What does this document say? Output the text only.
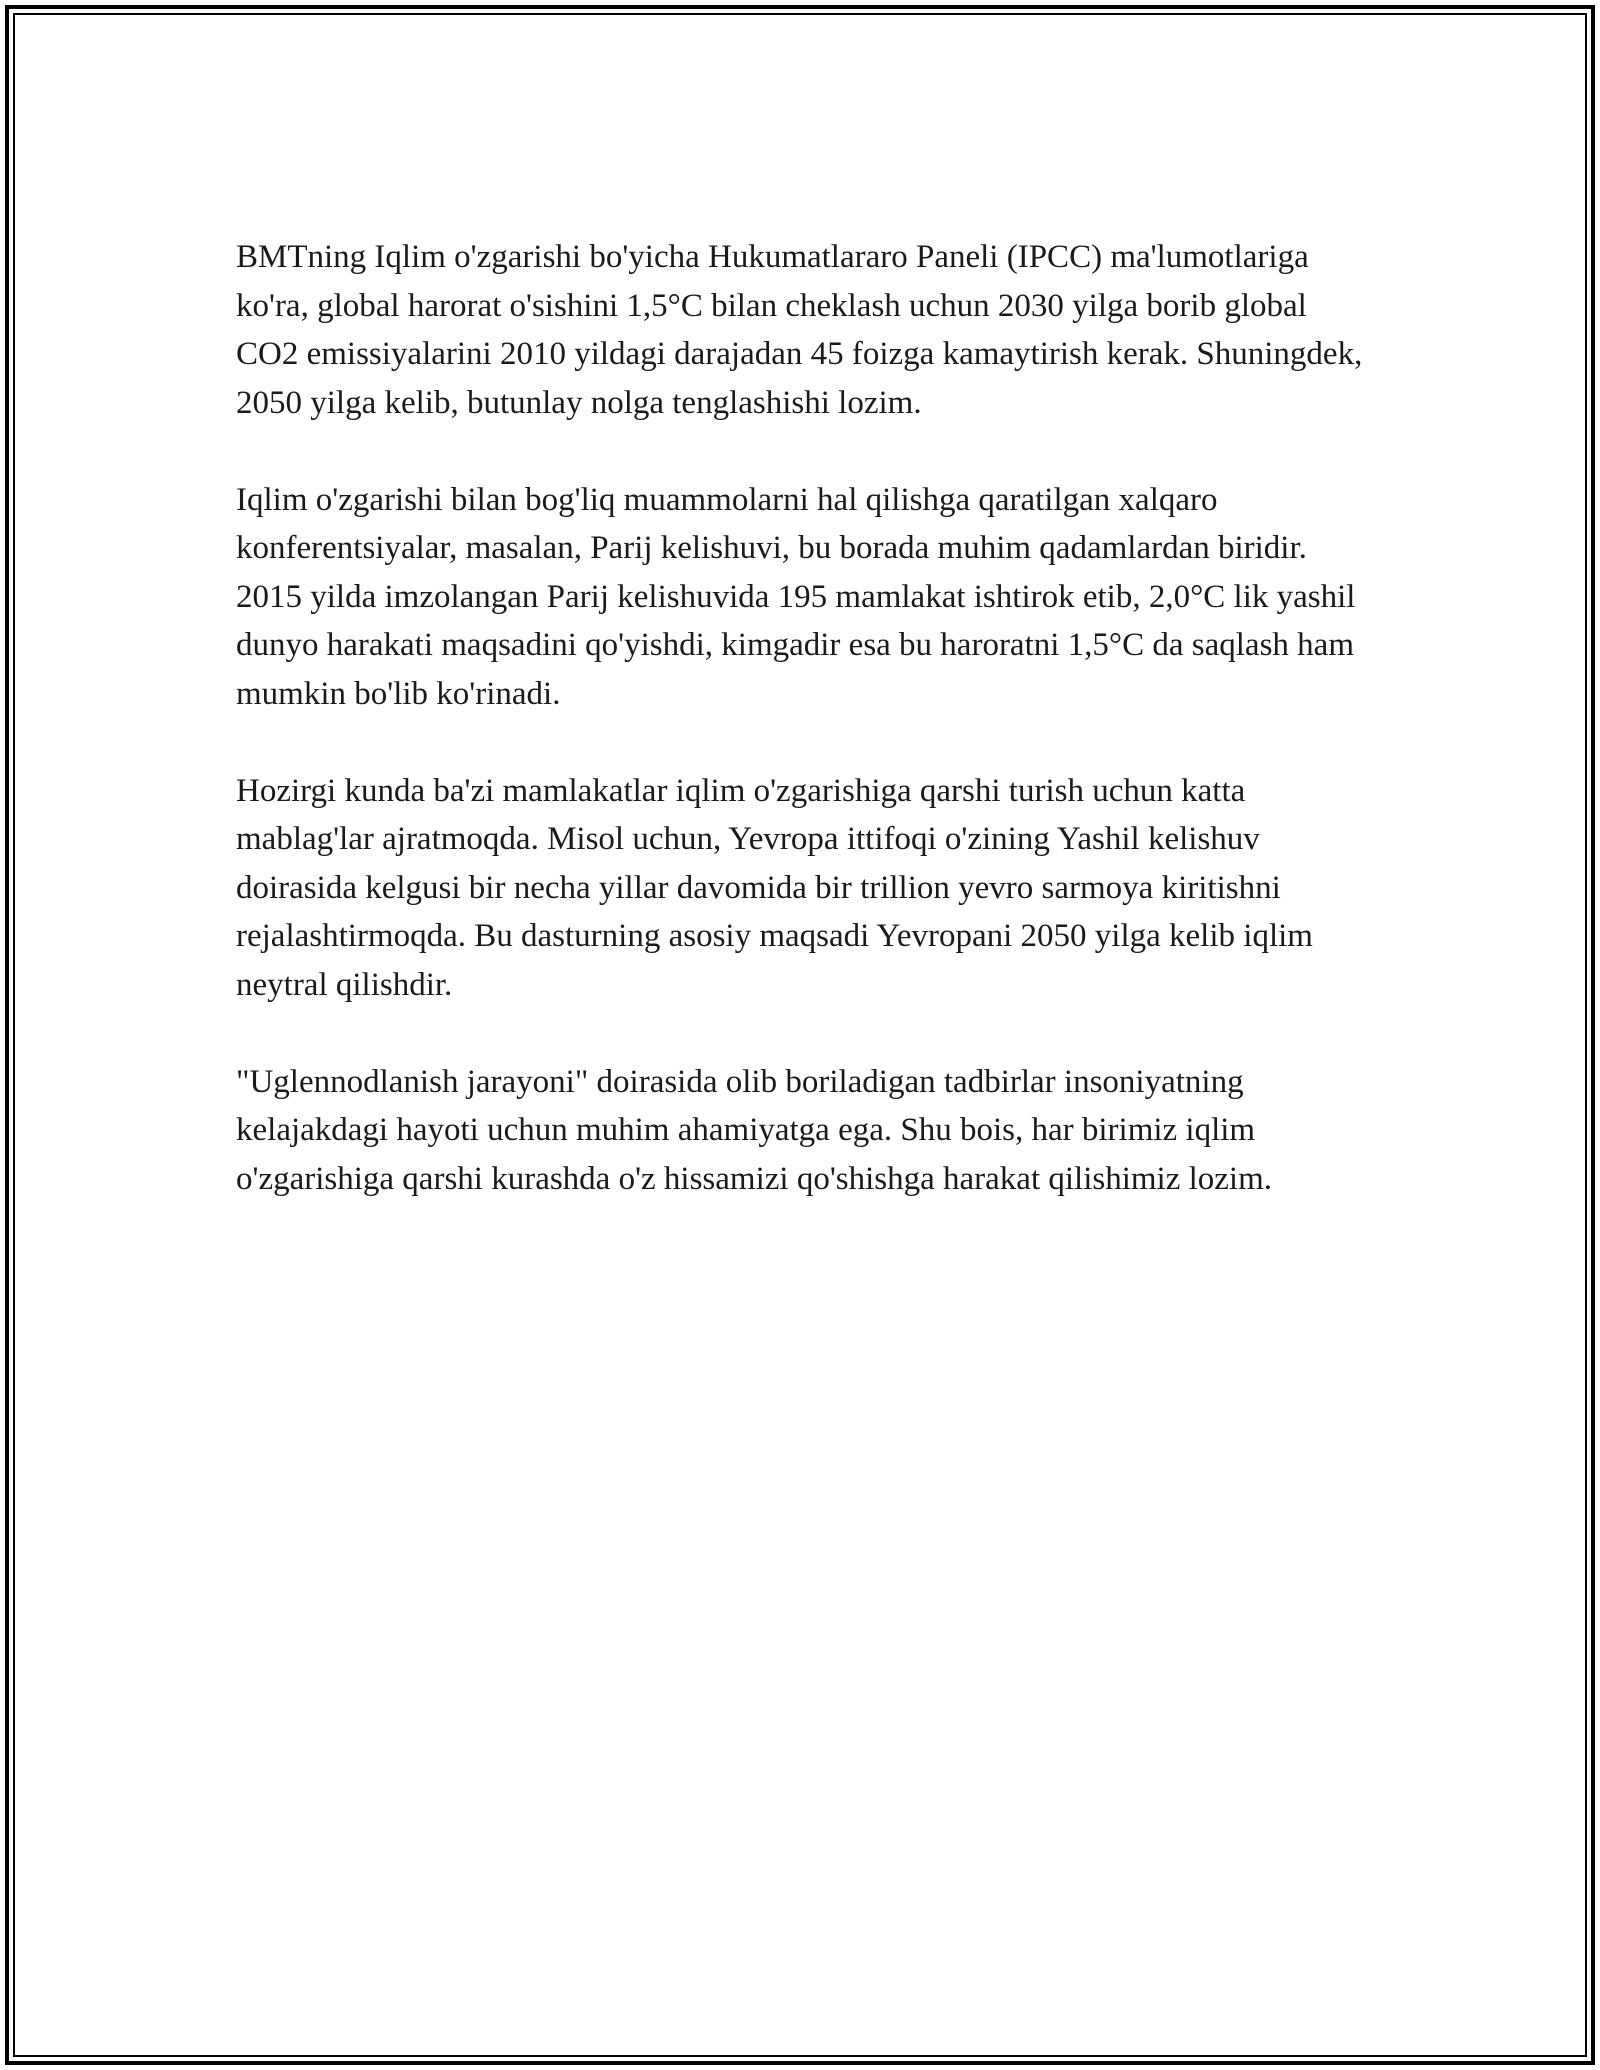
BMTning Iqlim o'zgarishi bo'yicha Hukumatlararo Paneli (IPCC) ma'lumotlariga ko'ra, global harorat o'sishini 1,5°C bilan cheklash uchun 2030 yilga borib global CO2 emissiyalarini 2010 yildagi darajadan 45 foizga kamaytirish kerak. Shuningdek, 2050 yilga kelib, butunlay nolga tenglashishi lozim.

Iqlim o'zgarishi bilan bog'liq muammolarni hal qilishga qaratilgan xalqaro konferentsiyalar, masalan, Parij kelishuvi, bu borada muhim qadamlardan biridir. 2015 yilda imzolangan Parij kelishuvida 195 mamlakat ishtirok etib, 2,0°C lik yashil dunyo harakati maqsadini qo'yishdi, kimgadir esa bu haroratni 1,5°C da saqlash ham mumkin bo'lib ko'rinadi.

Hozirgi kunda ba'zi mamlakatlar iqlim o'zgarishiga qarshi turish uchun katta mablag'lar ajratmoqda. Misol uchun, Yevropa ittifoqi o'zining Yashil kelishuv doirasida kelgusi bir necha yillar davomida bir trillion yevro sarmoya kiritishni rejalashtirmoqda. Bu dasturning asosiy maqsadi Yevropani 2050 yilga kelib iqlim neytral qilishdir.

"Uglennodlanish jarayoni" doirasida olib boriladigan tadbirlar insoniyatning kelajakdagi hayoti uchun muhim ahamiyatga ega. Shu bois, har birimiz iqlim o'zgarishiga qarshi kurashda o'z hissamizi qo'shishga harakat qilishimiz lozim.
